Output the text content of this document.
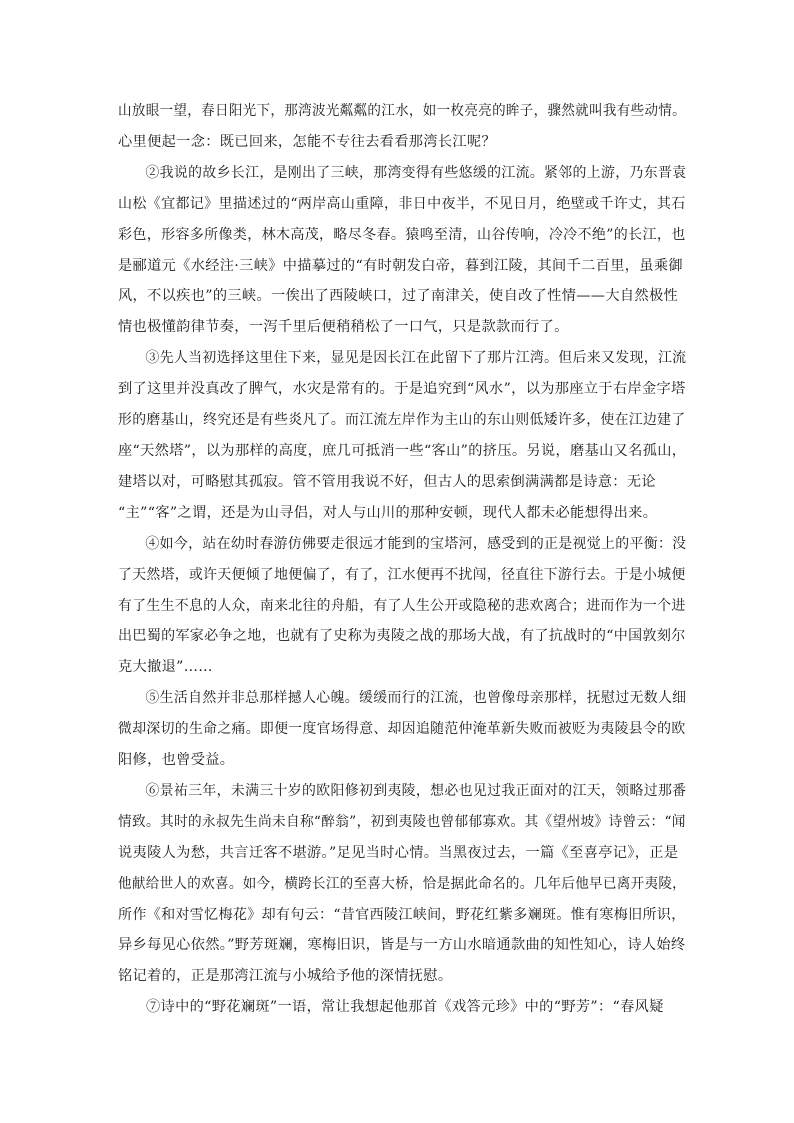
山放眼一望，春日阳光下，那湾波光粼粼的江水，如一枚亮亮的眸子，骤然就叫我有些动情。
心里便起一念：既已回来，怎能不专往去看看那湾长江呢？

②我说的故乡长江，是刚出了三峡，那湾变得有些悠缓的江流。紧邻的上游，乃东晋袁
山松《宜都记》里描述过的“两岸高山重障，非日中夜半，不见日月，绝壁或千许丈，其石
彩色，形容多所像类，林木高茂，略尽冬春。猿鸣至清，山谷传响，冷冷不绝”的长江，也
是郦道元《水经注·三峡》中描摹过的“有时朝发白帝，暮到江陵，其间千二百里，虽乘御
风，不以疾也”的三峡。一俟出了西陵峡口，过了南津关，使自改了性情——大自然极性
情也极懂韵律节奏，一泻千里后便稍稍松了一口气，只是款款而行了。

③先人当初选择这里住下来，显见是因长江在此留下了那片江湾。但后来又发现，江流
到了这里并没真改了脾气，水灾是常有的。于是追究到“风水”，以为那座立于右岸金字塔
形的磨基山，终究还是有些炎凡了。而江流左岸作为主山的东山则低矮许多，使在江边建了
座“天然塔”，以为那样的高度，庶几可抵消一些“客山”的挤压。另说，磨基山又名孤山，
建塔以对，可略慰其孤寂。管不管用我说不好，但古人的思索倒满满都是诗意：无论
“主”“客”之谓，还是为山寻侣，对人与山川的那种安顿，现代人都未必能想得出来。

④如今，站在幼时春游仿佛要走很远才能到的宝塔河，感受到的正是视觉上的平衡：没
了天然塔，或许天便倾了地便偏了，有了，江水便再不扰闯，径直往下游行去。于是小城便
有了生生不息的人众，南来北往的舟船，有了人生公开或隐秘的悲欢离合；进而作为一个进
出巴蜀的军家必争之地，也就有了史称为夷陵之战的那场大战，有了抗战时的“中国敦刻尔
克大撤退”……

⑤生活自然并非总那样撼人心魄。缓缓而行的江流，也曾像母亲那样，抚慰过无数人细
微却深切的生命之痛。即便一度官场得意、却因追随范仲淹革新失败而被贬为夷陵县令的欧
阳修，也曾受益。

⑥景祐三年，未满三十岁的欧阳修初到夷陵，想必也见过我正面对的江天，领略过那番
情致。其时的永叔先生尚未自称“醉翁”，初到夷陵也曾郁郁寡欢。其《望州坡》诗曾云：“闻
说夷陵人为愁，共言迁客不堪游。”足见当时心情。当黑夜过去，一篇《至喜亭记》，正是
他献给世人的欢喜。如今，横跨长江的至喜大桥，恰是据此命名的。几年后他早已离开夷陵，
所作《和对雪忆梅花》却有句云：“昔官西陵江峡间，野花红紫多斓斑。惟有寒梅旧所识，
异乡每见心依然。”野芳斑斓，寒梅旧识，皆是与一方山水暗通款曲的知性知心，诗人始终
铭记着的，正是那湾江流与小城给予他的深情抚慰。

⑦诗中的“野花斓斑”一语，常让我想起他那首《戏答元珍》中的“野芳”：“春风疑
